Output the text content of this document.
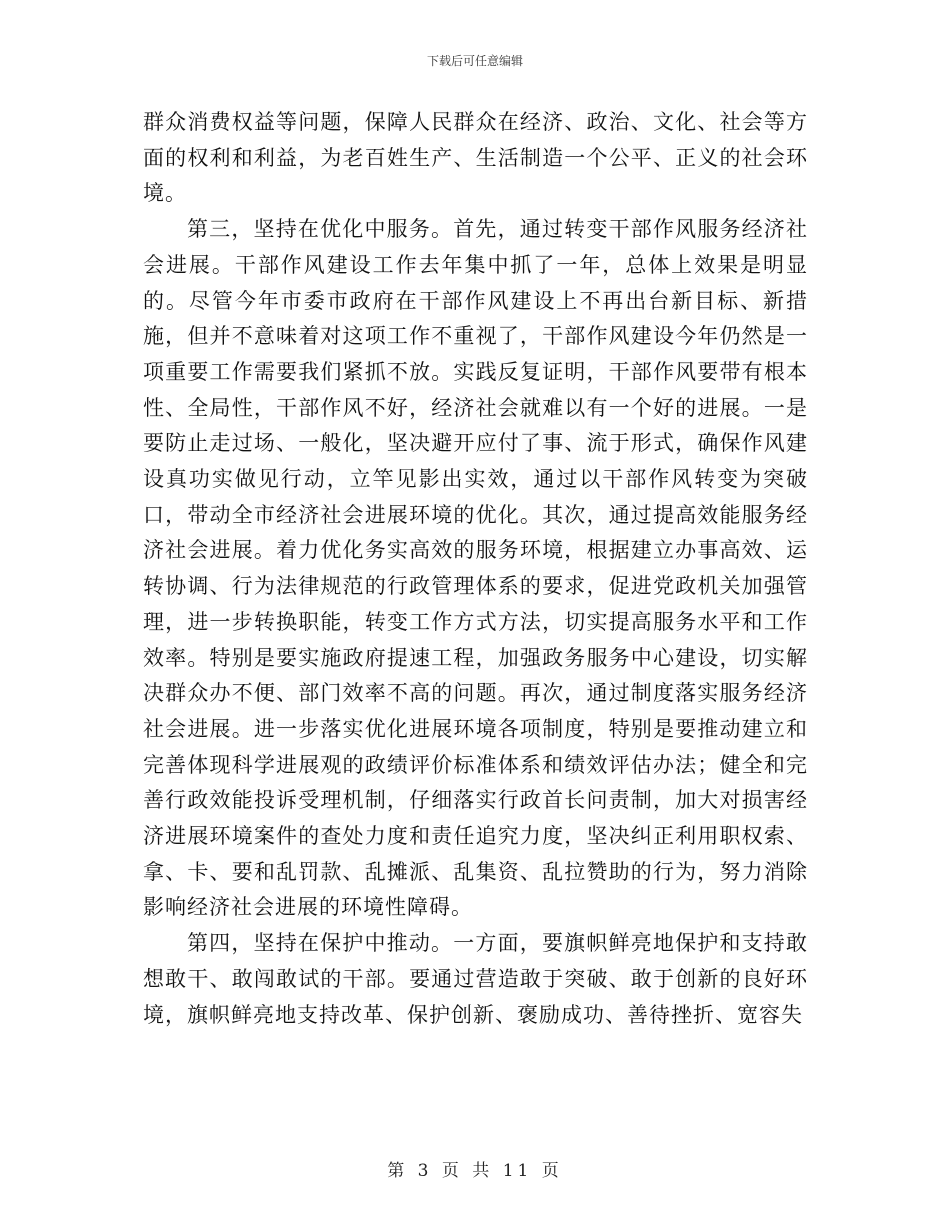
下载后可任意编辑

群众消费权益等问题，保障人民群众在经济、政治、文化、社会等方面的权利和利益，为老百姓生产、生活制造一个公平、正义的社会环境。

第三，坚持在优化中服务。首先，通过转变干部作风服务经济社会进展。干部作风建设工作去年集中抓了一年，总体上效果是明显的。尽管今年市委市政府在干部作风建设上不再出台新目标、新措施，但并不意味着对这项工作不重视了，干部作风建设今年仍然是一项重要工作需要我们紧抓不放。实践反复证明，干部作风要带有根本性、全局性，干部作风不好，经济社会就难以有一个好的进展。一是要防止走过场、一般化，坚决避开应付了事、流于形式，确保作风建设真功实做见行动，立竿见影出实效，通过以干部作风转变为突破口，带动全市经济社会进展环境的优化。其次，通过提高效能服务经济社会进展。着力优化务实高效的服务环境，根据建立办事高效、运转协调、行为法律规范的行政管理体系的要求，促进党政机关加强管理，进一步转换职能，转变工作方式方法，切实提高服务水平和工作效率。特别是要实施政府提速工程，加强政务服务中心建设，切实解决群众办不便、部门效率不高的问题。再次，通过制度落实服务经济社会进展。进一步落实优化进展环境各项制度，特别是要推动建立和完善体现科学进展观的政绩评价标准体系和绩效评估办法；健全和完善行政效能投诉受理机制，仔细落实行政首长问责制，加大对损害经济进展环境案件的查处力度和责任追究力度，坚决纠正利用职权索、拿、卡、要和乱罚款、乱摊派、乱集资、乱拉赞助的行为，努力消除影响经济社会进展的环境性障碍。

第四，坚持在保护中推动。一方面，要旗帜鲜亮地保护和支持敢想敢干、敢闯敢试的干部。要通过营造敢于突破、敢于创新的良好环境，旗帜鲜亮地支持改革、保护创新、褒励成功、善待挫折、宽容失

第 3 页 共 11 页
